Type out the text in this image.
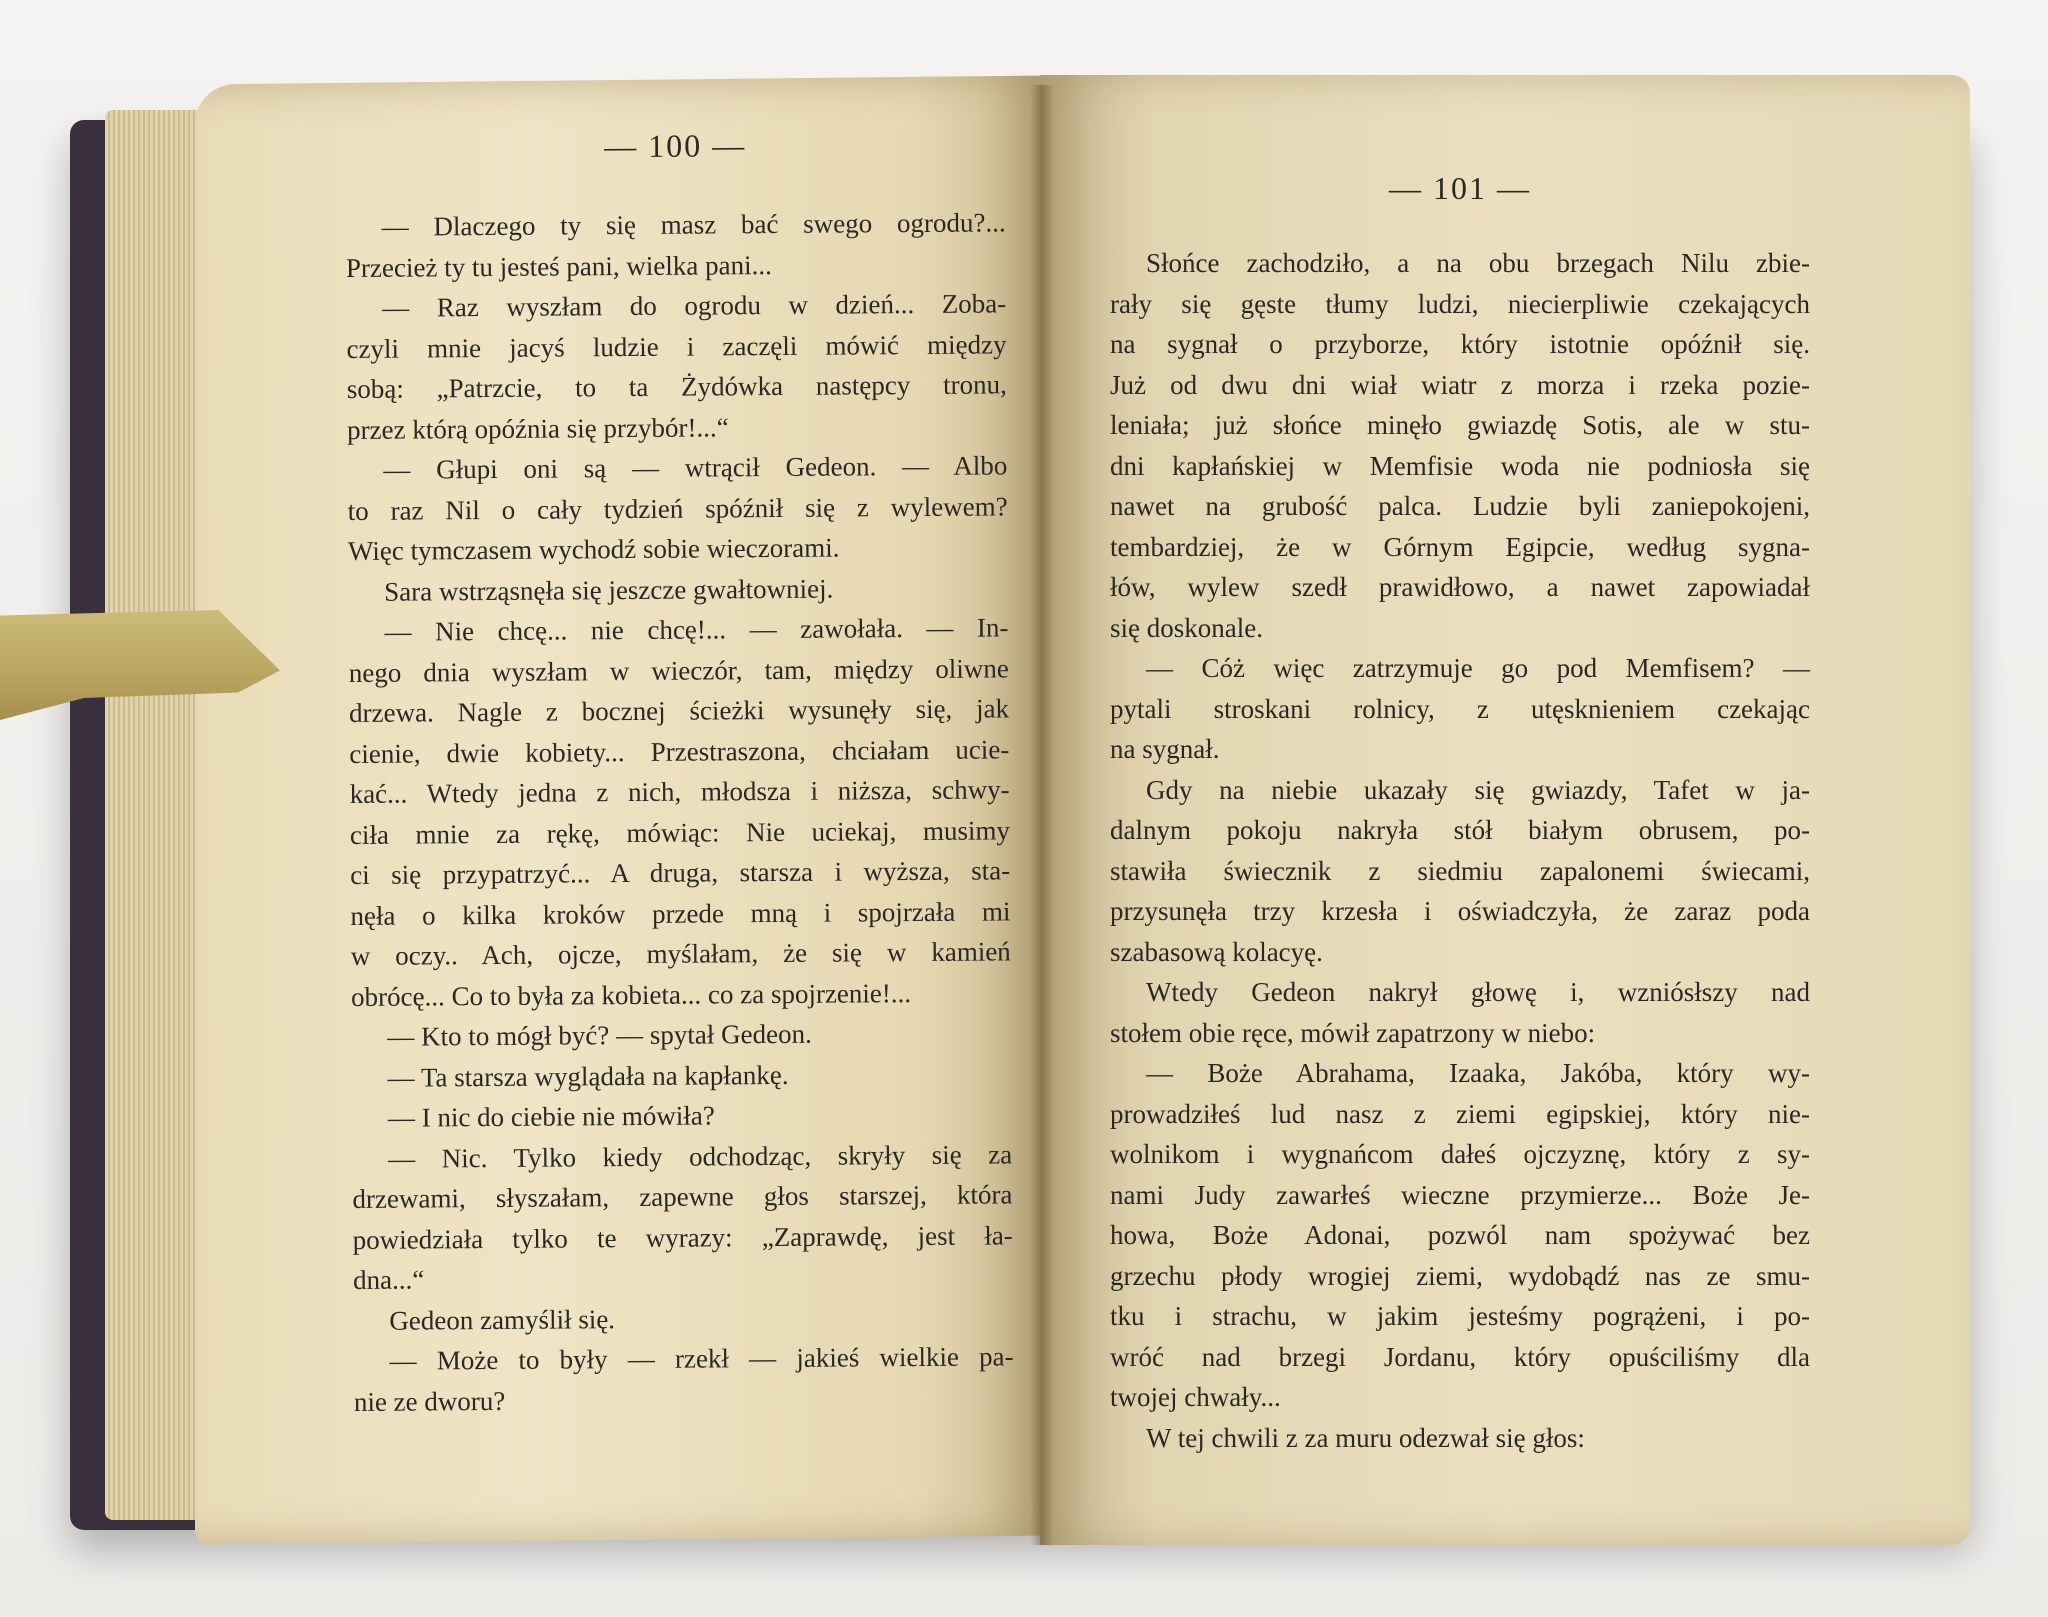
— 100 —
— Dlaczego ty się masz bać swego ogrodu?...
Przecież ty tu jesteś pani, wielka pani...
— Raz wyszłam do ogrodu w dzień... Zoba-
czyli mnie jacyś ludzie i zaczęli mówić między
sobą: „Patrzcie, to ta Żydówka następcy tronu,
przez którą opóźnia się przybór!...“
— Głupi oni są — wtrącił Gedeon. — Albo
to raz Nil o cały tydzień spóźnił się z wylewem?
Więc tymczasem wychodź sobie wieczorami.
Sara wstrząsnęła się jeszcze gwałtowniej.
— Nie chcę... nie chcę!... — zawołała. — In-
nego dnia wyszłam w wieczór, tam, między oliwne
drzewa. Nagle z bocznej ścieżki wysunęły się, jak
cienie, dwie kobiety... Przestraszona, chciałam ucie-
kać... Wtedy jedna z nich, młodsza i niższa, schwy-
ciła mnie za rękę, mówiąc: Nie uciekaj, musimy
ci się przypatrzyć... A druga, starsza i wyższa, sta-
nęła o kilka kroków przede mną i spojrzała mi
w oczy.. Ach, ojcze, myślałam, że się w kamień
obrócę... Co to była za kobieta... co za spojrzenie!...
— Kto to mógł być? — spytał Gedeon.
— Ta starsza wyglądała na kapłankę.
— I nic do ciebie nie mówiła?
— Nic. Tylko kiedy odchodząc, skryły się za
drzewami, słyszałam, zapewne głos starszej, która
powiedziała tylko te wyrazy: „Zaprawdę, jest ła-
dna...“
Gedeon zamyślił się.
— Może to były — rzekł — jakieś wielkie pa-
nie ze dworu?
— 101 —
Słońce zachodziło, a na obu brzegach Nilu zbie-
rały się gęste tłumy ludzi, niecierpliwie czekających
na sygnał o przyborze, który istotnie opóźnił się.
Już od dwu dni wiał wiatr z morza i rzeka pozie-
leniała; już słońce minęło gwiazdę Sotis, ale w stu-
dni kapłańskiej w Memfisie woda nie podniosła się
nawet na grubość palca. Ludzie byli zaniepokojeni,
tembardziej, że w Górnym Egipcie, według sygna-
łów, wylew szedł prawidłowo, a nawet zapowiadał
się doskonale.
— Cóż więc zatrzymuje go pod Memfisem? —
pytali stroskani rolnicy, z utęsknieniem czekając
na sygnał.
Gdy na niebie ukazały się gwiazdy, Tafet w ja-
dalnym pokoju nakryła stół białym obrusem, po-
stawiła świecznik z siedmiu zapalonemi świecami,
przysunęła trzy krzesła i oświadczyła, że zaraz poda
szabasową kolacyę.
Wtedy Gedeon nakrył głowę i, wzniósłszy nad
stołem obie ręce, mówił zapatrzony w niebo:
— Boże Abrahama, Izaaka, Jakóba, który wy-
prowadziłeś lud nasz z ziemi egipskiej, który nie-
wolnikom i wygnańcom dałeś ojczyznę, który z sy-
nami Judy zawarłeś wieczne przymierze... Boże Je-
howa, Boże Adonai, pozwól nam spożywać bez
grzechu płody wrogiej ziemi, wydobądź nas ze smu-
tku i strachu, w jakim jesteśmy pogrążeni, i po-
wróć nad brzegi Jordanu, który opuściliśmy dla
twojej chwały...
W tej chwili z za muru odezwał się głos:
